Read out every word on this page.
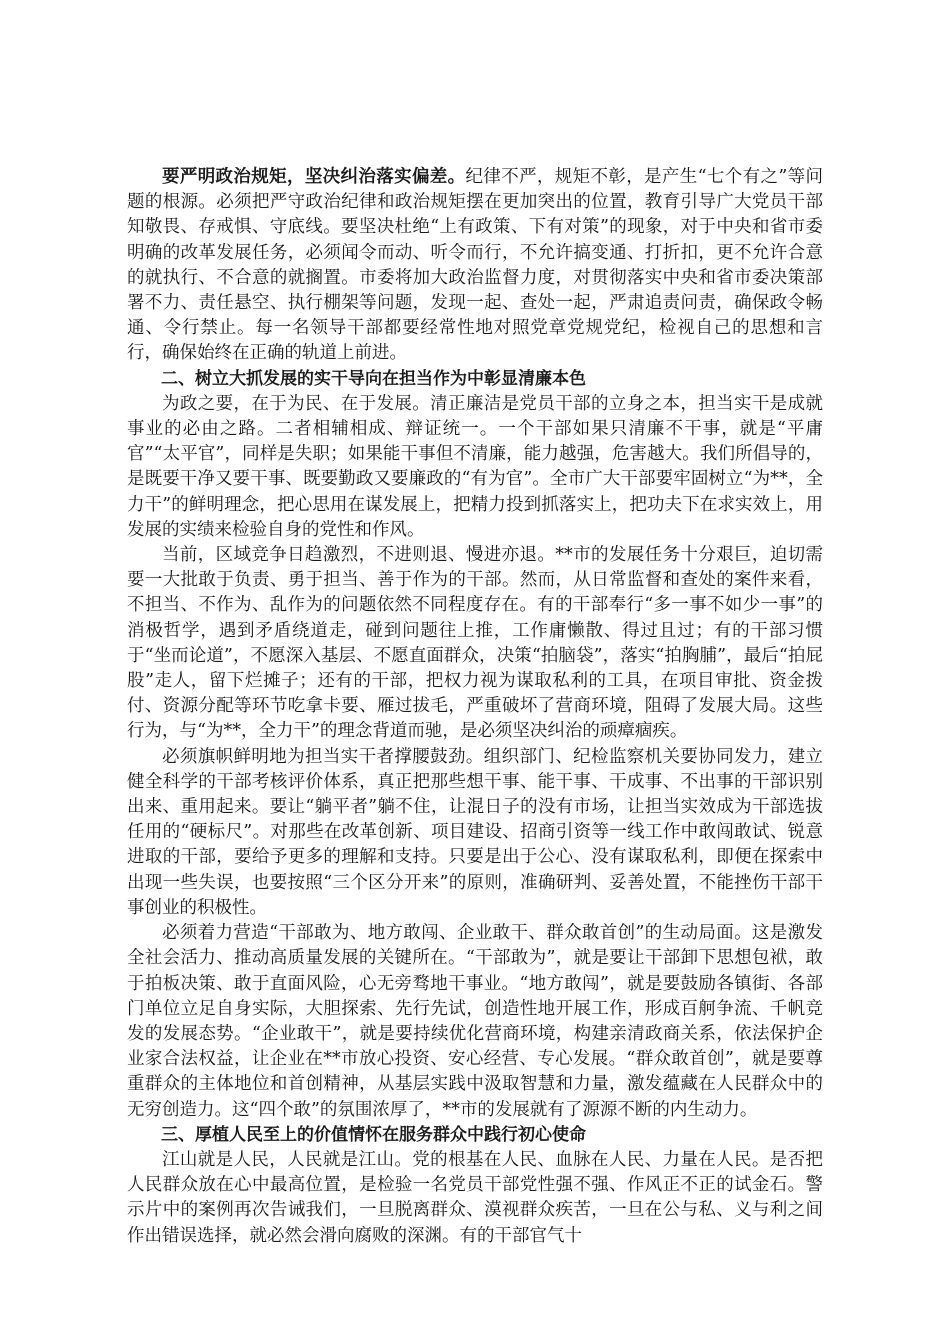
要严明政治规矩，坚决纠治落实偏差。纪律不严，规矩不彰，是产生“七个有之”等问题的根源。必须把严守政治纪律和政治规矩摆在更加突出的位置，教育引导广大党员干部知敬畏、存戒惧、守底线。要坚决杜绝“上有政策、下有对策”的现象，对于中央和省市委明确的改革发展任务，必须闻令而动、听令而行，不允许搞变通、打折扣，更不允许合意的就执行、不合意的就搁置。市委将加大政治监督力度，对贯彻落实中央和省市委决策部署不力、责任悬空、执行棚架等问题，发现一起、查处一起，严肃追责问责，确保政令畅通、令行禁止。每一名领导干部都要经常性地对照党章党规党纪，检视自己的思想和言行，确保始终在正确的轨道上前进。

二、树立大抓发展的实干导向在担当作为中彰显清廉本色

为政之要，在于为民、在于发展。清正廉洁是党员干部的立身之本，担当实干是成就事业的必由之路。二者相辅相成、辩证统一。一个干部如果只清廉不干事，就是“平庸官”“太平官”，同样是失职；如果能干事但不清廉，能力越强，危害越大。我们所倡导的，是既要干净又要干事、既要勤政又要廉政的“有为官”。全市广大干部要牢固树立“为**，全力干”的鲜明理念，把心思用在谋发展上，把精力投到抓落实上，把功夫下在求实效上，用发展的实绩来检验自身的党性和作风。

当前，区域竞争日趋激烈，不进则退、慢进亦退。**市的发展任务十分艰巨，迫切需要一大批敢于负责、勇于担当、善于作为的干部。然而，从日常监督和查处的案件来看，不担当、不作为、乱作为的问题依然不同程度存在。有的干部奉行“多一事不如少一事”的消极哲学，遇到矛盾绕道走，碰到问题往上推，工作庸懒散、得过且过；有的干部习惯于“坐而论道”，不愿深入基层、不愿直面群众，决策“拍脑袋”，落实“拍胸脯”，最后“拍屁股”走人，留下烂摊子；还有的干部，把权力视为谋取私利的工具，在项目审批、资金拨付、资源分配等环节吃拿卡要、雁过拔毛，严重破坏了营商环境，阻碍了发展大局。这些行为，与“为**，全力干”的理念背道而驰，是必须坚决纠治的顽瘴痼疾。

必须旗帜鲜明地为担当实干者撑腰鼓劲。组织部门、纪检监察机关要协同发力，建立健全科学的干部考核评价体系，真正把那些想干事、能干事、干成事、不出事的干部识别出来、重用起来。要让“躺平者”躺不住，让混日子的没有市场，让担当实效成为干部选拔任用的“硬标尺”。对那些在改革创新、项目建设、招商引资等一线工作中敢闯敢试、锐意进取的干部，要给予更多的理解和支持。只要是出于公心、没有谋取私利，即便在探索中出现一些失误，也要按照“三个区分开来”的原则，准确研判、妥善处置，不能挫伤干部干事创业的积极性。

必须着力营造“干部敢为、地方敢闯、企业敢干、群众敢首创”的生动局面。这是激发全社会活力、推动高质量发展的关键所在。“干部敢为”，就是要让干部卸下思想包袱，敢于拍板决策、敢于直面风险，心无旁骛地干事业。“地方敢闯”，就是要鼓励各镇街、各部门单位立足自身实际，大胆探索、先行先试，创造性地开展工作，形成百舸争流、千帆竞发的发展态势。“企业敢干”，就是要持续优化营商环境，构建亲清政商关系，依法保护企业家合法权益，让企业在**市放心投资、安心经营、专心发展。“群众敢首创”，就是要尊重群众的主体地位和首创精神，从基层实践中汲取智慧和力量，激发蕴藏在人民群众中的无穷创造力。这“四个敢”的氛围浓厚了，**市的发展就有了源源不断的内生动力。

三、厚植人民至上的价值情怀在服务群众中践行初心使命

江山就是人民，人民就是江山。党的根基在人民、血脉在人民、力量在人民。是否把人民群众放在心中最高位置，是检验一名党员干部党性强不强、作风正不正的试金石。警示片中的案例再次告诫我们，一旦脱离群众、漠视群众疾苦，一旦在公与私、义与利之间作出错误选择，就必然会滑向腐败的深渊。有的干部官气十
